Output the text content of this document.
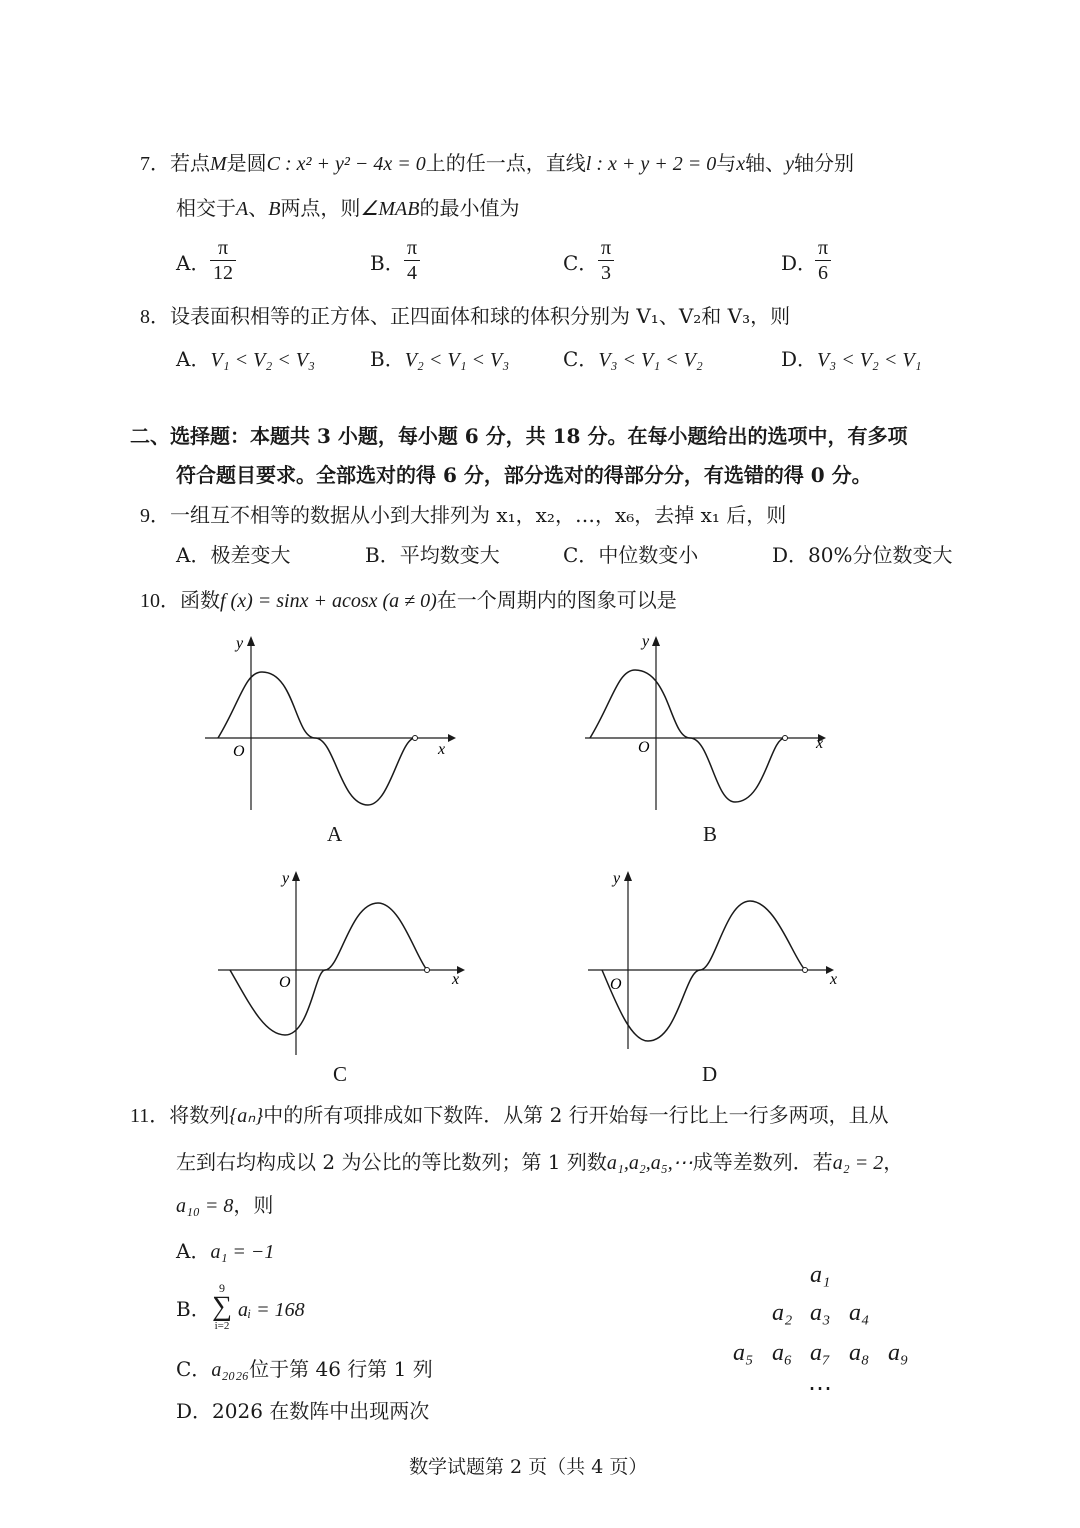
7．若点M是圆C : x² + y² − 4x = 0上的任一点，直线l : x + y + 2 = 0与x轴、y轴分别
相交于A、B两点，则∠MAB的最小值为
A． $\frac{\pi}{12}$	B． $\frac{\pi}{4}$	C． $\frac{\pi}{3}$	D．
$\frac{\pi}{6}$
8．设表面积相等的正方体、正四面体和球的体积分别为 V₁、V₂和 V₃，则
A．V₁ < V₂ < V₃	B．V₂ < V₁ < V₃	C．V₃ < V₁ < V₂	D．V₃ < V₂ < V₁
二、选择题：本题共 3 小题，每小题 6 分，共 18 分。在每小题给出的选项中，有多项
符合题目要求。全部选对的得 6 分，部分选对的得部分分，有选错的得 0 分。
9．一组互不相等的数据从小到大排列为 x₁，x₂，…，x₆，去掉 x₁ 后，则
A．极差变大	B．平均数变大	C．中位数变小	D．80%分位数变大
10．函数f (x) = sinx + acosx (a ≠ 0)在一个周期内的图象可以是
y
x
O
A
y
x
O
B
y
x
O
C
y
x
O
D
11．将数列{aₙ}中的所有项排成如下数阵．从第 2 行开始每一行比上一行多两项，且从
左到右均构成以 2 为公比的等比数列；第 1 列数a₁,a₂,a₅,⋯成等差数列．若a₂ = 2，
a₁₀ = 8，则
A．a₁ = −1
B．
9
∑
i=2
aᵢ = 168
C．a₂₀₂₆位于第 46 行第 1 列
D．2026 在数阵中出现两次
a₁
a₂ a₃ a₄
a₅ a₆ a₇ a₈ a₉
⋯
数学试题第 2 页（共 4 页）
